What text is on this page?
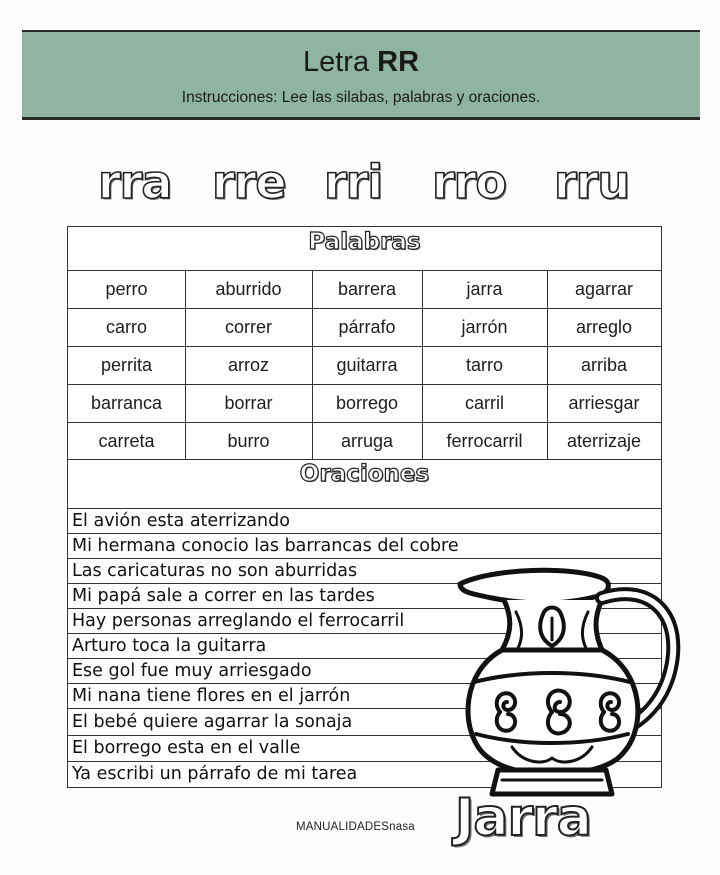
Letra RR
Instrucciones: Lee las silabas, palabras y oraciones.
rra rre rri rro rru
Palabras
perro	aburrido	barrera	jarra	agarrar
carro	correr	párrafo	jarrón	arreglo
perrita	arroz	guitarra	tarro	arriba
barranca	borrar	borrego	carril	arriesgar
carreta	burro	arruga	ferrocarril	aterrizaje
Oraciones
El avión esta aterrizando
Mi hermana conocio las barrancas del cobre
Las caricaturas no son aburridas
Mi papá sale a correr en las tardes
Hay personas arreglando el ferrocarril
Arturo toca la guitarra
Ese gol fue muy arriesgado
Mi nana tiene flores en el jarrón
El bebé quiere agarrar la sonaja
El borrego esta en el valle
Ya escribi un párrafo de mi tarea
Jarra
MANUALIDADESnasa
